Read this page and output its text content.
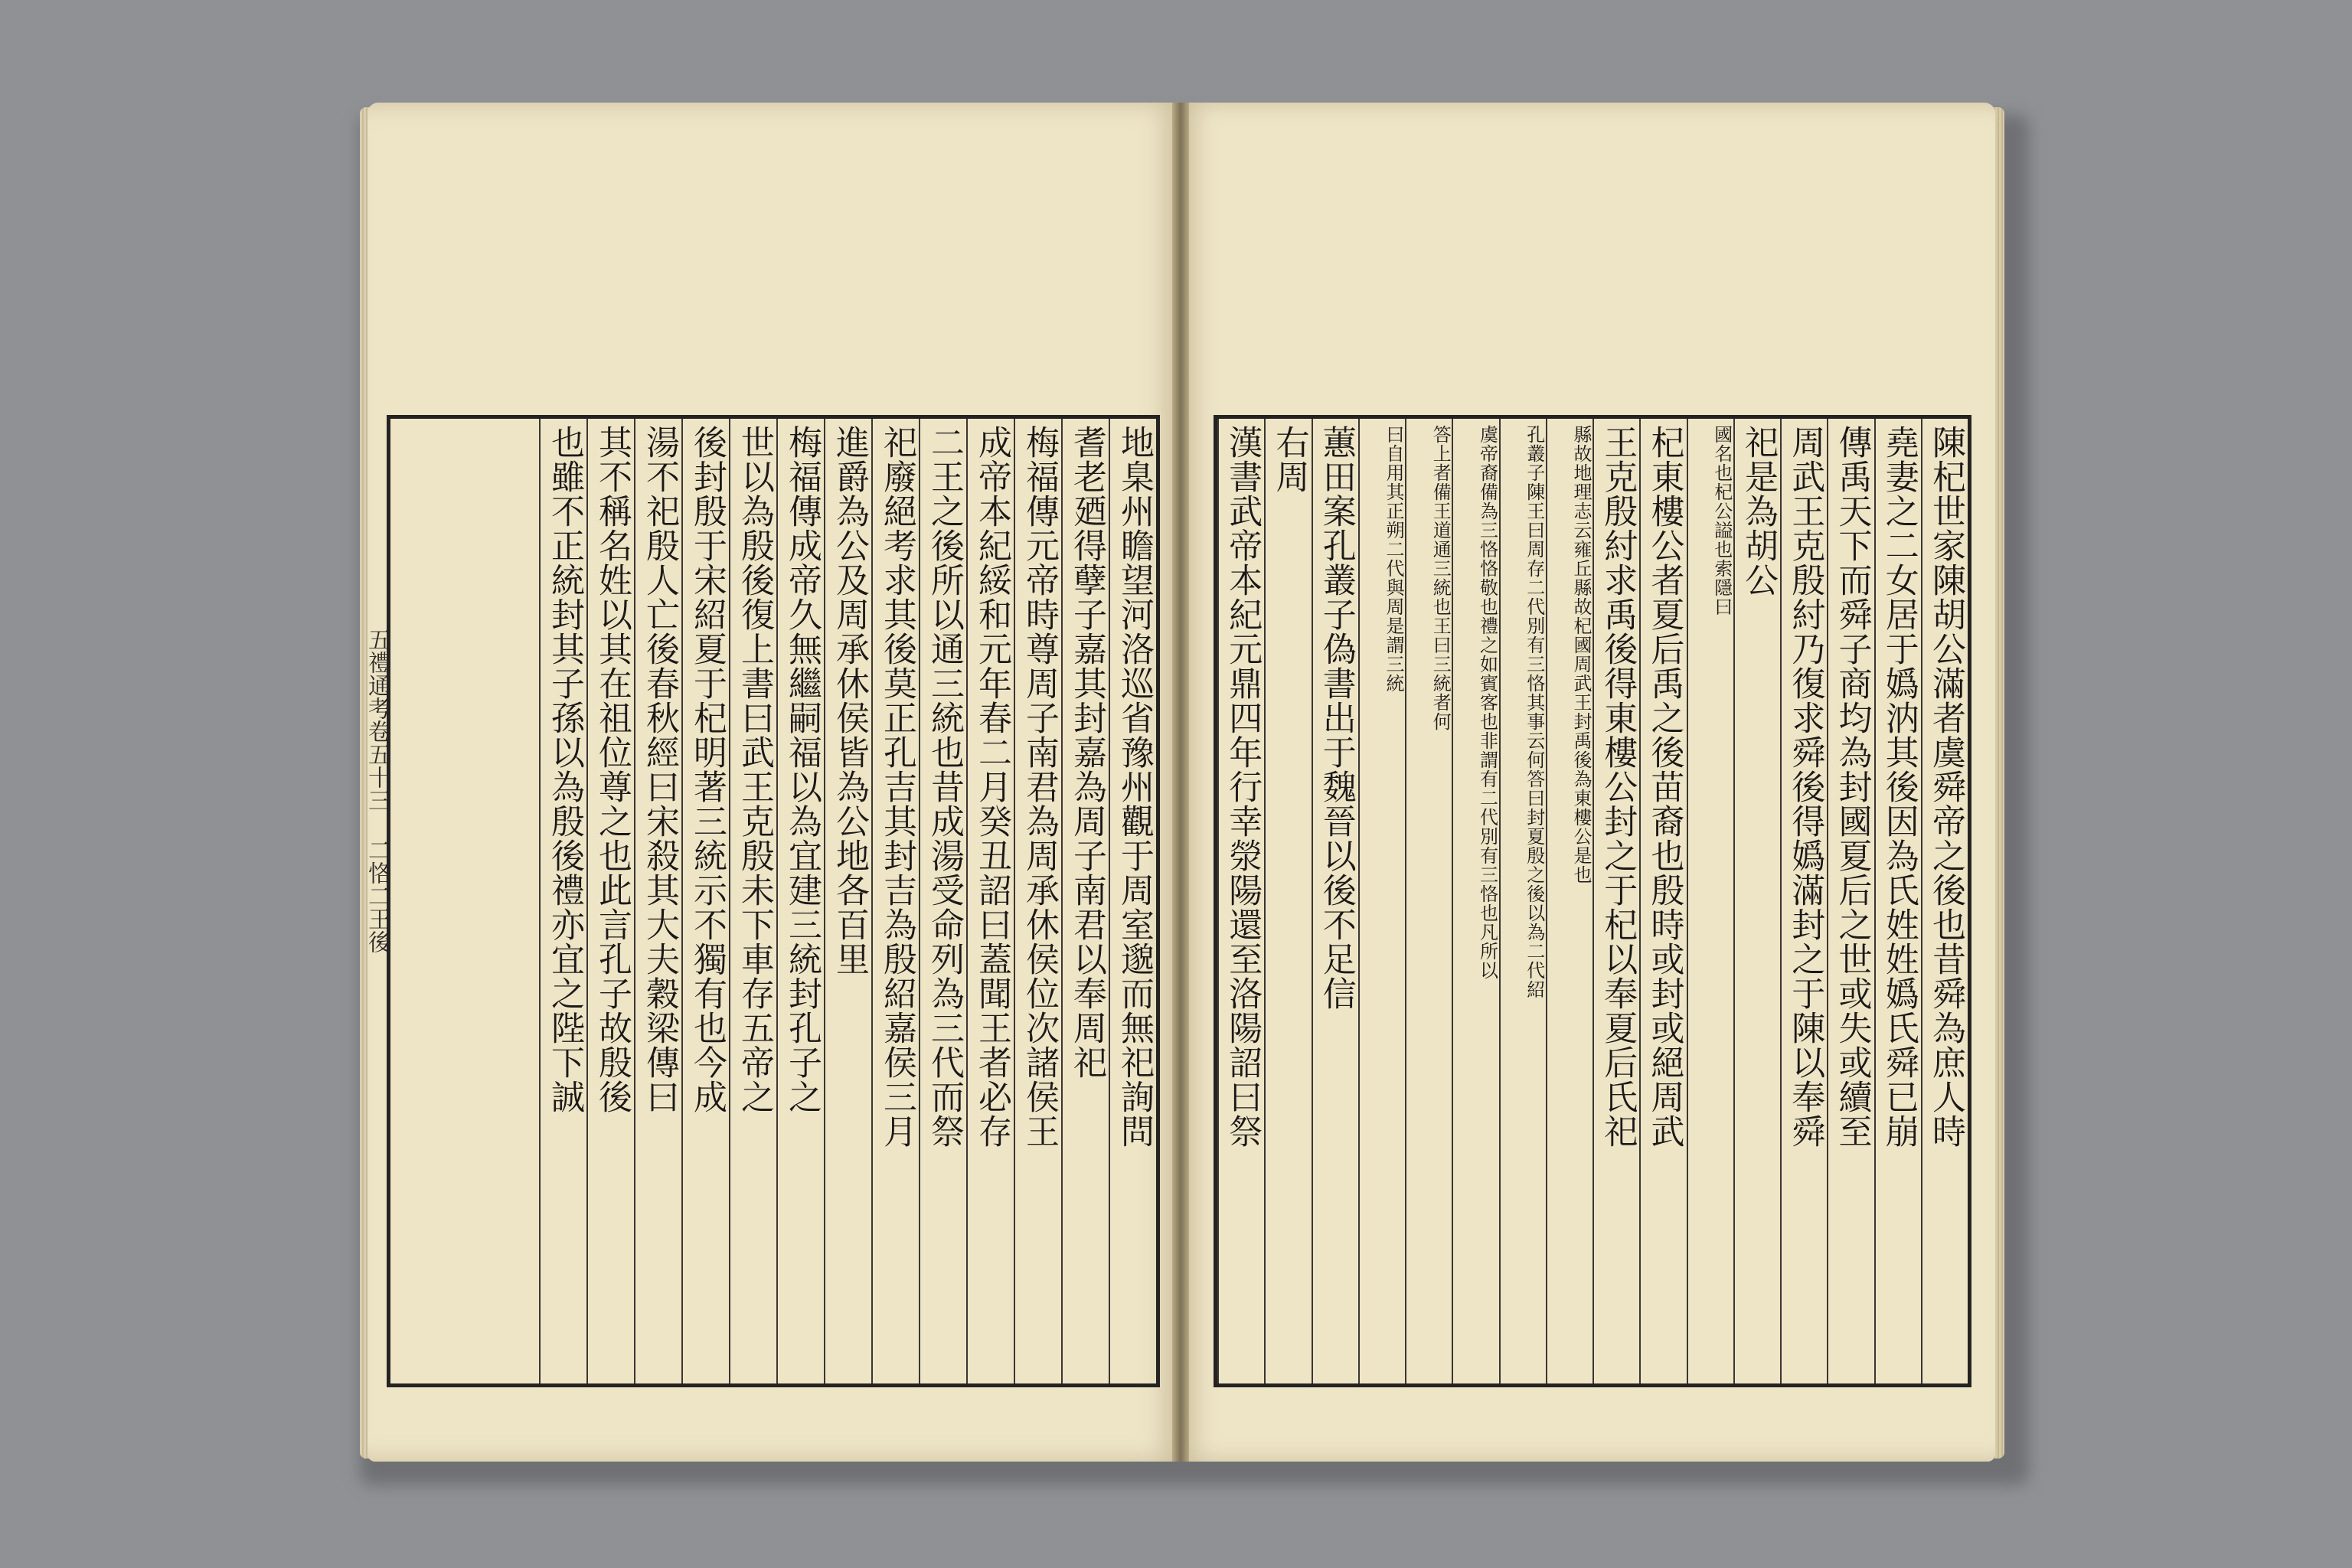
五禮通考卷五十三 二恪二王後	地臬州瞻望河洛巡省豫州觀于周室邈而無祀詢問
耆老廼得孽子嘉其封嘉為周子南君以奉周祀
梅福傳元帝時尊周子南君為周承休侯位次諸侯王
成帝本紀綏和元年春二月癸丑詔曰蓋聞王者必存
二王之後所以通三統也昔成湯受命列為三代而祭
祀廢絕考求其後莫正孔吉其封吉為殷紹嘉侯三月
進爵為公及周承休侯皆為公地各百里
梅福傳成帝久無繼嗣福以為宜建三統封孔子之
世以為殷後復上書曰武王克殷未下車存五帝之
後封殷于宋紹夏于杞明著三統示不獨有也今成
湯不祀殷人亡後春秋經曰宋殺其大夫穀梁傳曰
其不稱名姓以其在祖位尊之也此言孔子故殷後
也雖不正統封其子孫以為殷後禮亦宜之陛下誠	陳杞世家陳胡公滿者虞舜帝之後也昔舜為庶人時
堯妻之二女居于嬀汭其後因為氏姓姓嬀氏舜已崩
傳禹天下而舜子商均為封國夏后之世或失或續至
周武王克殷紂乃復求舜後得嬀滿封之于陳以奉舜
祀是為胡公
國名也杞公謚也索隱曰
杞東樓公者夏后禹之後苗裔也殷時或封或絕周武
王克殷紂求禹後得東樓公封之于杞以奉夏后氏祀
縣故地理志云雍丘縣故杞國周武王封禹後為東樓公是也
孔叢子陳王曰周存二代別有三恪其事云何答曰封夏殷之後以為二代紹
虞帝裔備為三恪恪敬也禮之如賓客也非謂有二代別有三恪也凡所以
答上者備王道通三統也王曰三統者何
曰自用其正朔二代與周是謂三統
蕙田案孔叢子偽書出于魏晉以後不足信
右周
漢書武帝本紀元鼎四年行幸滎陽還至洛陽詔曰祭
